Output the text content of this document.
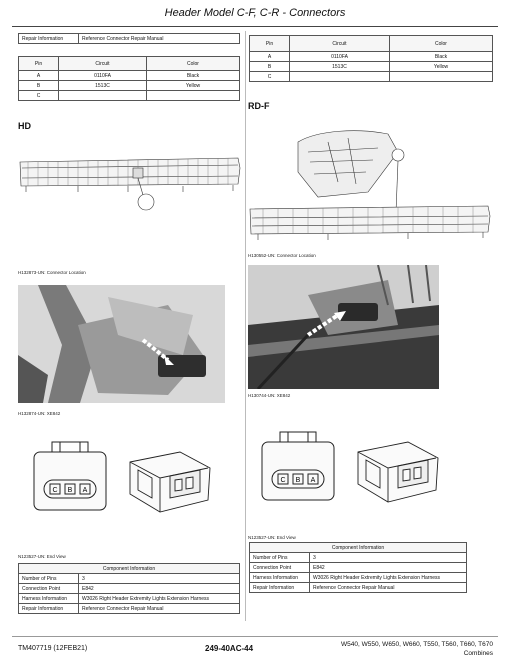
Header Model C-F, C-R - Connectors
Repair Information	Reference Connector Repair Manual
Pin	Circuit	Color
A	0110FA	Black
B	1513C	Yellow
C		
Pin	Circuit	Color
A	0110FA	Black
B	1513C	Yellow
C		
HD
RD-F
H132873-UN: Connector Location
H130552-UN: Connector Location
H132874-UN: XE842
H130744-UN: XE842
C B A
N123527-UN: End View
C B A
N123527-UN: End View
Component Information	
Number of Pins	3
Connection Point	E842
Harness Information	W3026 Right Header Extremity Lights Extension Harness
Repair Information	Reference Connector Repair Manual
Component Information	
Number of Pins	3
Connection Point	E842
Harness Information	W3026 Right Header Extremity Lights Extension Harness
Repair Information	Reference Connector Repair Manual
TM407719 (12FEB21)	249-40AC-44	W540, W550, W650, W660, T550, T560, T660, T670
Combines
